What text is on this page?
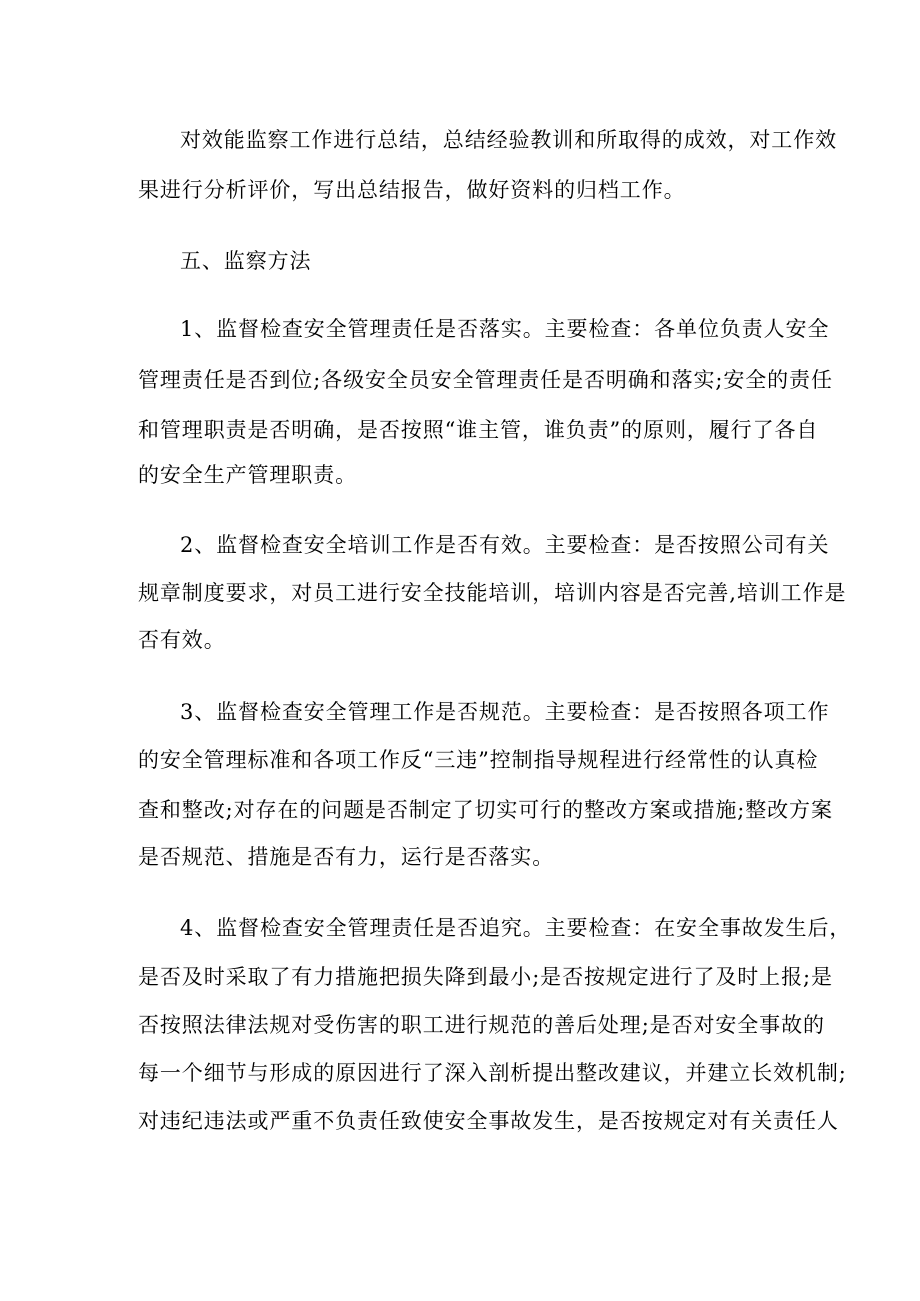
对效能监察工作进行总结，总结经验教训和所取得的成效，对工作效
果进行分析评价，写出总结报告，做好资料的归档工作。
五、监察方法
1、监督检查安全管理责任是否落实。主要检查：各单位负责人安全
管理责任是否到位;各级安全员安全管理责任是否明确和落实;安全的责任
和管理职责是否明确，是否按照“谁主管，谁负责”的原则，履行了各自
的安全生产管理职责。
2、监督检查安全培训工作是否有效。主要检查：是否按照公司有关
规章制度要求，对员工进行安全技能培训，培训内容是否完善,培训工作是
否有效。
3、监督检查安全管理工作是否规范。主要检查：是否按照各项工作
的安全管理标准和各项工作反“三违”控制指导规程进行经常性的认真检
查和整改;对存在的问题是否制定了切实可行的整改方案或措施;整改方案
是否规范、措施是否有力，运行是否落实。
4、监督检查安全管理责任是否追究。主要检查：在安全事故发生后，
是否及时采取了有力措施把损失降到最小;是否按规定进行了及时上报;是
否按照法律法规对受伤害的职工进行规范的善后处理;是否对安全事故的
每一个细节与形成的原因进行了深入剖析提出整改建议，并建立长效机制;
对违纪违法或严重不负责任致使安全事故发生，是否按规定对有关责任人
